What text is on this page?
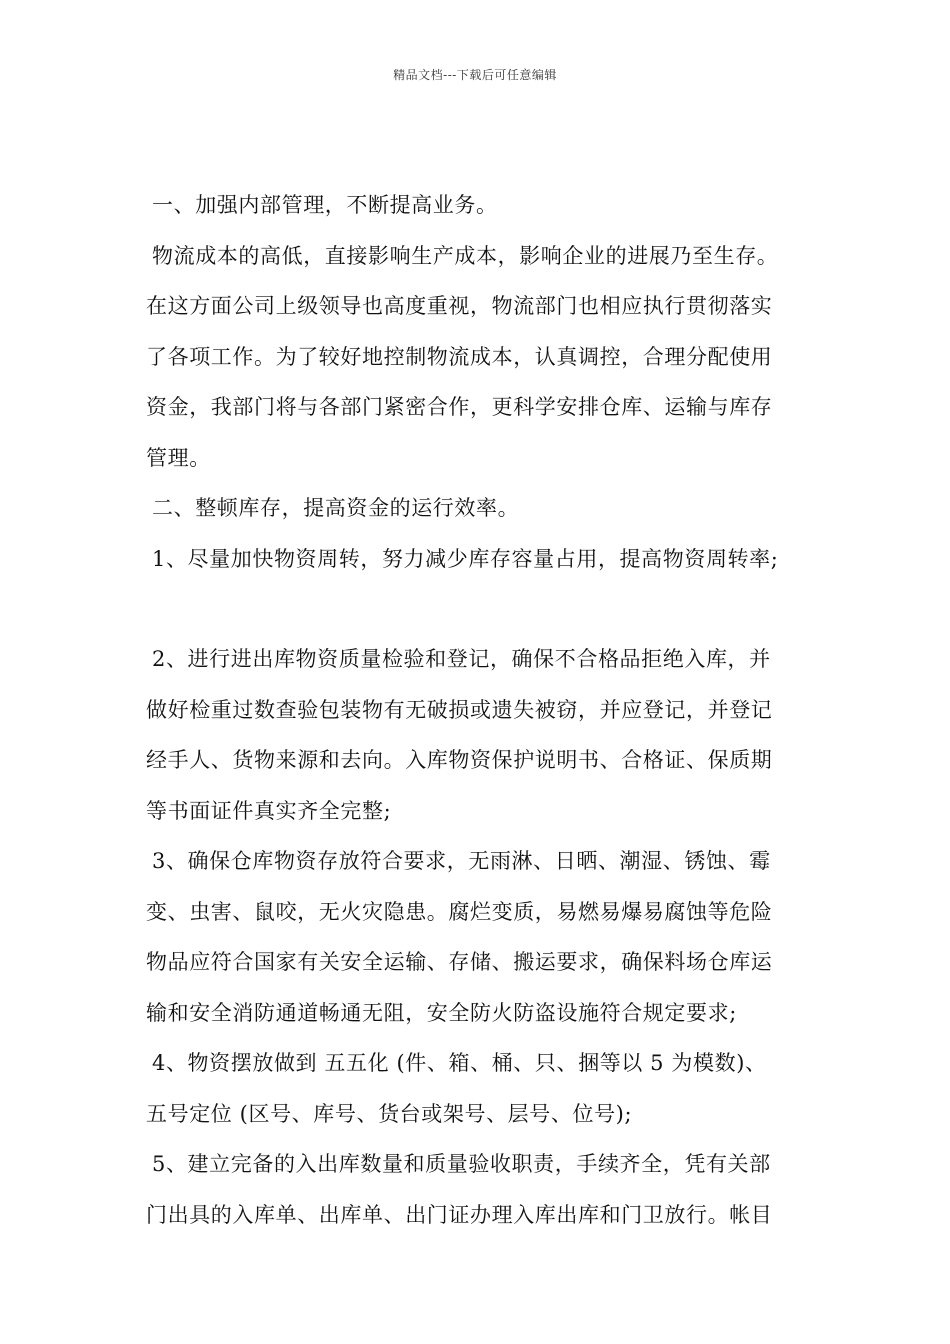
精品文档---下载后可任意编辑
一、加强内部管理，不断提高业务。
物流成本的高低，直接影响生产成本，影响企业的进展乃至生存。
在这方面公司上级领导也高度重视，物流部门也相应执行贯彻落实
了各项工作。为了较好地控制物流成本，认真调控，合理分配使用
资金，我部门将与各部门紧密合作，更科学安排仓库、运输与库存
管理。
二、整顿库存，提高资金的运行效率。
1、尽量加快物资周转，努力减少库存容量占用，提高物资周转率;
2、进行进出库物资质量检验和登记，确保不合格品拒绝入库，并
做好检重过数查验包装物有无破损或遗失被窃，并应登记，并登记
经手人、货物来源和去向。入库物资保护说明书、合格证、保质期
等书面证件真实齐全完整;
3、确保仓库物资存放符合要求，无雨淋、日晒、潮湿、锈蚀、霉
变、虫害、鼠咬，无火灾隐患。腐烂变质，易燃易爆易腐蚀等危险
物品应符合国家有关安全运输、存储、搬运要求，确保料场仓库运
输和安全消防通道畅通无阻，安全防火防盗设施符合规定要求;
4、物资摆放做到 五五化 (件、箱、桶、只、捆等以 5 为模数)、
五号定位 (区号、库号、货台或架号、层号、位号);
5、建立完备的入出库数量和质量验收职责，手续齐全，凭有关部
门出具的入库单、出库单、出门证办理入库出库和门卫放行。帐目
